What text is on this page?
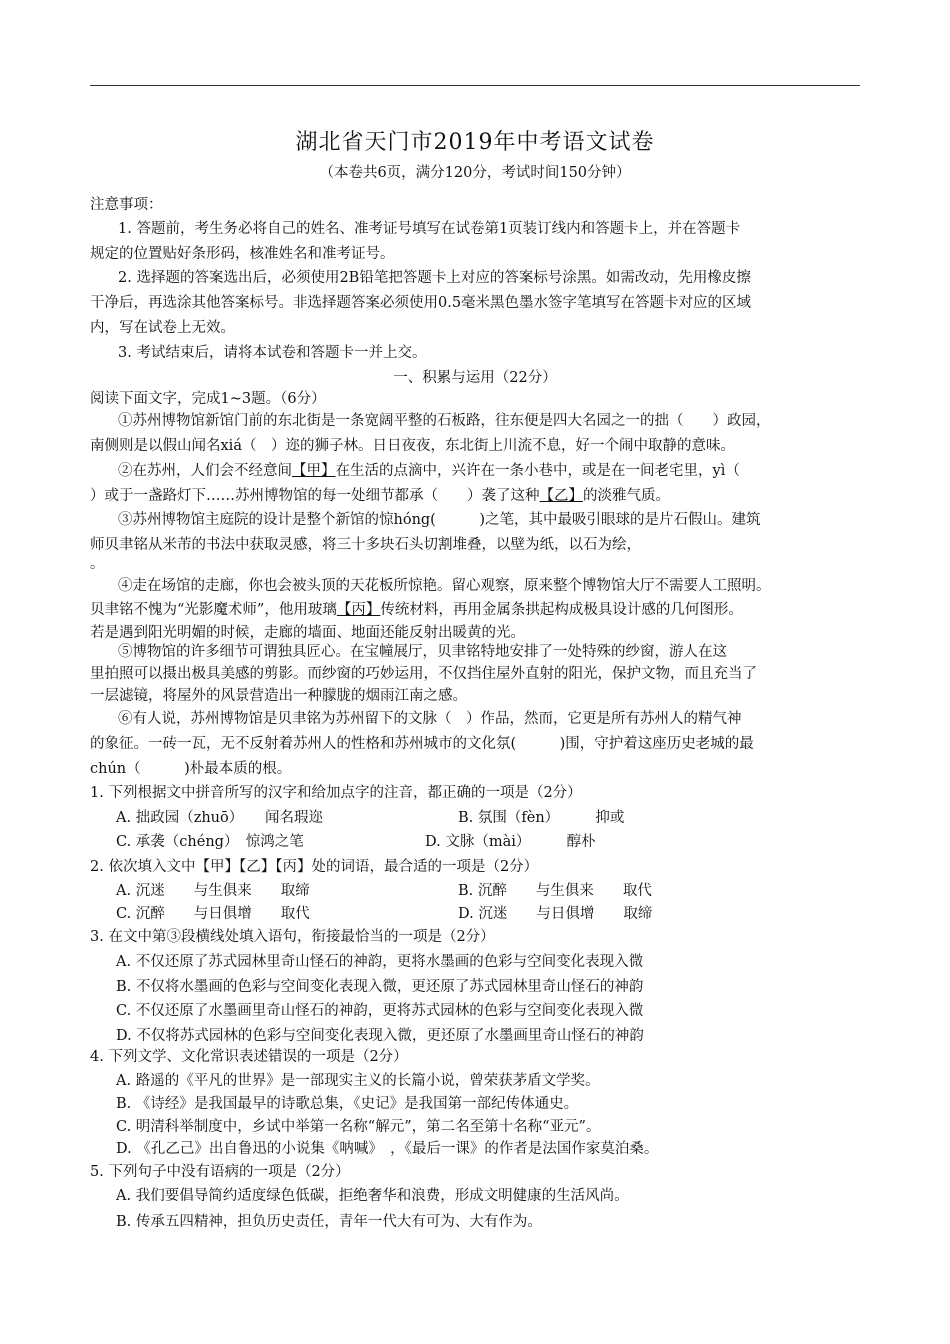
湖北省天门市2019年中考语文试卷
（本卷共6页，满分120分，考试时间150分钟）
注意事项：
1. 答题前，考生务必将自己的姓名、准考证号填写在试卷第1页装订线内和答题卡上，并在答题卡
规定的位置贴好条形码，核准姓名和准考证号。
2. 选择题的答案选出后，必须使用2B铅笔把答题卡上对应的答案标号涂黑。如需改动，先用橡皮擦
干净后，再选涂其他答案标号。非选择题答案必须使用0.5毫米黑色墨水签字笔填写在答题卡对应的区域
内，写在试卷上无效。
3. 考试结束后，请将本试卷和答题卡一并上交。
一、积累与运用（22分）
阅读下面文字，完成1~3题。（6分）
①苏州博物馆新馆门前的东北街是一条宽阔平整的石板路，往东便是四大名园之一的拙（　　）政园，
南侧则是以假山闻名xiá（　）迩的狮子林。日日夜夜，东北街上川流不息，好一个闹中取静的意味。
②在苏州，人们会不经意间【甲】在生活的点滴中，兴许在一条小巷中，或是在一间老宅里，yì（
）或于一盏路灯下……苏州博物馆的每一处细节都承（　　）袭了这种【乙】的淡雅气质。
③苏州博物馆主庭院的设计是整个新馆的惊hóng(　　　)之笔，其中最吸引眼球的是片石假山。建筑
师贝聿铭从米芾的书法中获取灵感，将三十多块石头切割堆叠，以壁为纸，以石为绘，
。
④走在场馆的走廊，你也会被头顶的天花板所惊艳。留心观察，原来整个博物馆大厅不需要人工照明。
贝聿铭不愧为“光影魔术师”，他用玻璃【丙】传统材料，再用金属条拱起构成极具设计感的几何图形。
若是遇到阳光明媚的时候，走廊的墙面、地面还能反射出暖黄的光。
⑤博物馆的许多细节可谓独具匠心。在宝幢展厅，贝聿铭特地安排了一处特殊的纱窗，游人在这
里拍照可以摄出极具美感的剪影。而纱窗的巧妙运用，不仅挡住屋外直射的阳光，保护文物，而且充当了
一层滤镜，将屋外的风景营造出一种朦胧的烟雨江南之感。
⑥有人说，苏州博物馆是贝聿铭为苏州留下的文脉（　）作品，然而，它更是所有苏州人的精气神
的象征。一砖一瓦，无不反射着苏州人的性格和苏州城市的文化氛(　　　)围，守护着这座历史老城的最
chún（　　　)朴最本质的根。
1. 下列根据文中拼音所写的汉字和给加点字的注音，都正确的一项是（2分）
A. 拙政园（zhuō）　　闻名瑕迩	B. 氛围（fèn）　　　抑或
C. 承袭（chéng）　惊鸿之笔	D. 文脉（mài）　　　醇朴
2. 依次填入文中【甲】【乙】【丙】处的词语，最合适的一项是（2分）
A. 沉迷　　与生俱来　　取缔	B. 沉醉　　与生俱来　　取代
C. 沉醉　　与日俱增　　取代	D. 沉迷　　与日俱增　　取缔
3. 在文中第③段横线处填入语句，衔接最恰当的一项是（2分）
A. 不仅还原了苏式园林里奇山怪石的神韵，更将水墨画的色彩与空间变化表现入微
B. 不仅将水墨画的色彩与空间变化表现入微，更还原了苏式园林里奇山怪石的神韵
C. 不仅还原了水墨画里奇山怪石的神韵，更将苏式园林的色彩与空间变化表现入微
D. 不仅将苏式园林的色彩与空间变化表现入微，更还原了水墨画里奇山怪石的神韵
4. 下列文学、文化常识表述错误的一项是（2分）
A. 路遥的《平凡的世界》是一部现实主义的长篇小说，曾荣获茅盾文学奖。
B. 《诗经》是我国最早的诗歌总集，《史记》是我国第一部纪传体通史。
C. 明清科举制度中，乡试中举第一名称“解元”，第二名至第十名称“亚元”。
D. 《孔乙己》出自鲁迅的小说集《呐喊》　，《最后一课》的作者是法国作家莫泊桑。
5. 下列句子中没有语病的一项是（2分）
A. 我们要倡导简约适度绿色低碳，拒绝奢华和浪费，形成文明健康的生活风尚。
B. 传承五四精神，担负历史责任，青年一代大有可为、大有作为。
